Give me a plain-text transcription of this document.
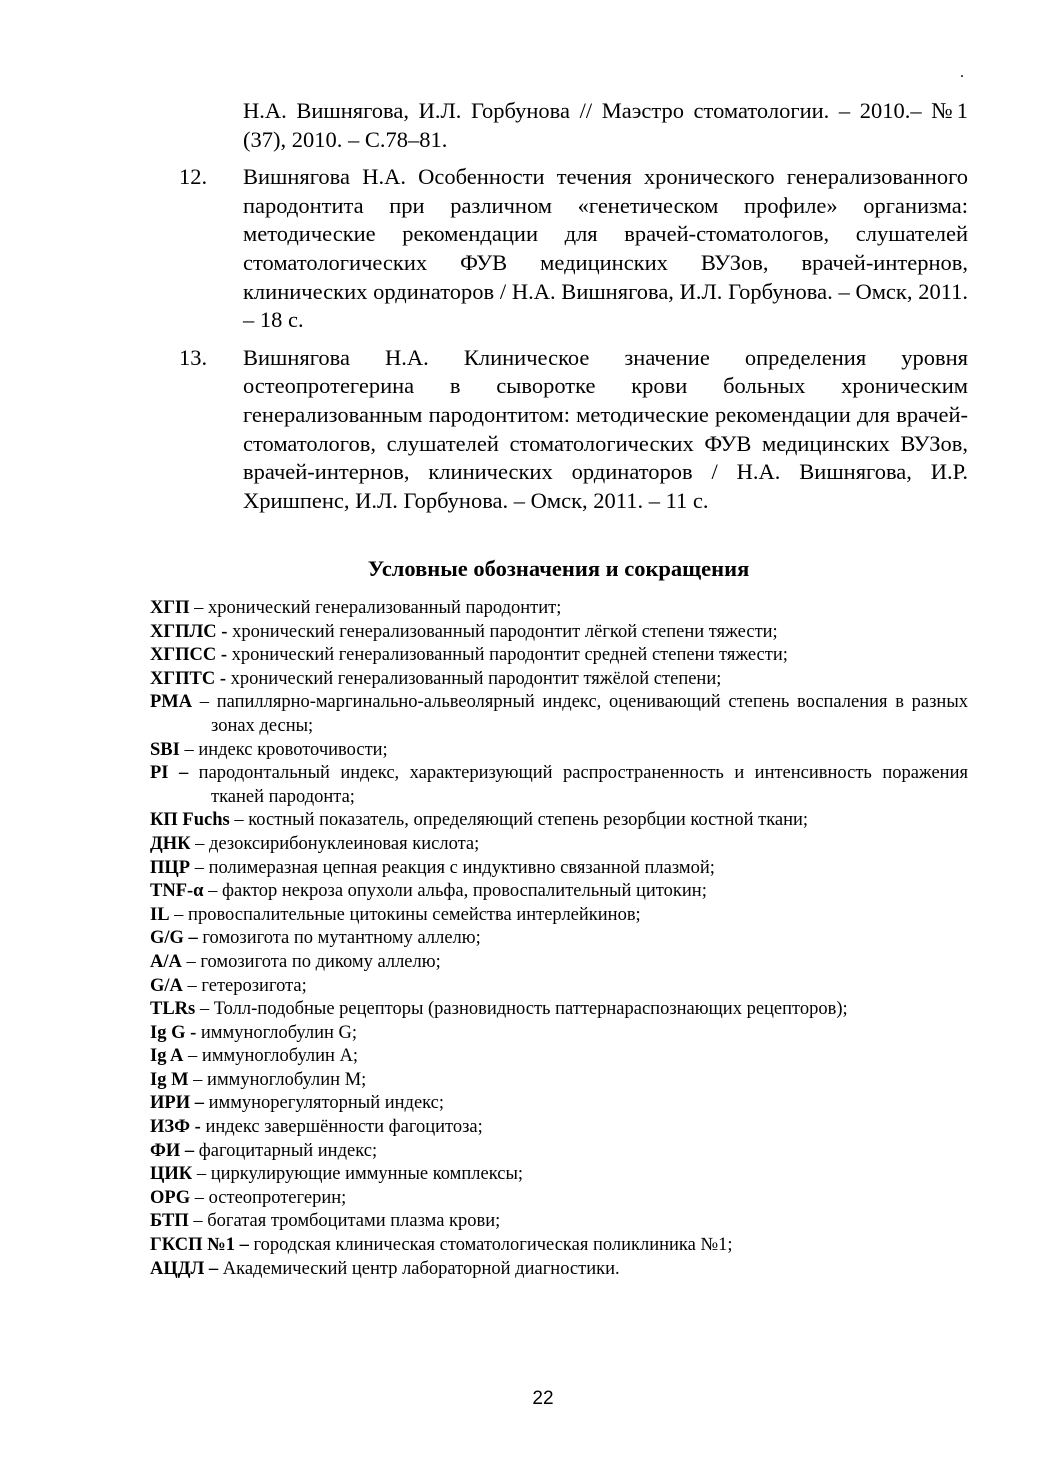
.
Н.А. Вишнягова, И.Л. Горбунова // Маэстро стоматологии. – 2010.– №1 (37), 2010. – С.78–81.
12. Вишнягова Н.А. Особенности течения хронического генерализованного пародонтита при различном «генетическом профиле» организма: методические рекомендации для врачей-стоматологов, слушателей стоматологических ФУВ медицинских ВУЗов, врачей-интернов, клинических ординаторов / Н.А. Вишнягова, И.Л. Горбунова. – Омск, 2011. – 18 с.
13. Вишнягова Н.А. Клиническое значение определения уровня остеопротегерина в сыворотке крови больных хроническим генерализованным пародонтитом: методические рекомендации для врачей-стоматологов, слушателей стоматологических ФУВ медицинских ВУЗов, врачей-интернов, клинических ординаторов / Н.А. Вишнягова, И.Р. Хришпенс, И.Л. Горбунова. – Омск, 2011. – 11 с.
Условные обозначения и сокращения
ХГП – хронический генерализованный пародонтит;
ХГПЛС - хронический генерализованный пародонтит лёгкой степени тяжести;
ХГПСС - хронический генерализованный пародонтит средней степени тяжести;
ХГПТС - хронический генерализованный пародонтит тяжёлой степени;
PMA – папиллярно-маргинально-альвеолярный индекс, оценивающий степень воспаления в разных зонах десны;
SBI – индекс кровоточивости;
PI – пародонтальный индекс, характеризующий распространенность и интенсивность поражения тканей пародонта;
КП Fuchs – костный показатель, определяющий степень резорбции костной ткани;
ДНК – дезоксирибонуклеиновая кислота;
ПЦР – полимеразная цепная реакция с индуктивно связанной плазмой;
TNF-α – фактор некроза опухоли альфа, провоспалительный цитокин;
IL – провоспалительные цитокины семейства интерлейкинов;
G/G – гомозигота по мутантному аллелю;
A/A – гомозигота по дикому аллелю;
G/A – гетерозигота;
TLRs – Толл-подобные рецепторы (разновидность паттернараспознающих рецепторов);
Ig G - иммуноглобулин G;
Ig A – иммуноглобулин А;
Ig M – иммуноглобулин М;
ИРИ – иммунорегуляторный индекс;
ИЗФ - индекс завершённости фагоцитоза;
ФИ – фагоцитарный индекс;
ЦИК – циркулирующие иммунные комплексы;
OPG – остеопротегерин;
БТП – богатая тромбоцитами плазма крови;
ГКСП №1 – городская клиническая стоматологическая поликлиника №1;
АЦДЛ – Академический центр лабораторной диагностики.
22
